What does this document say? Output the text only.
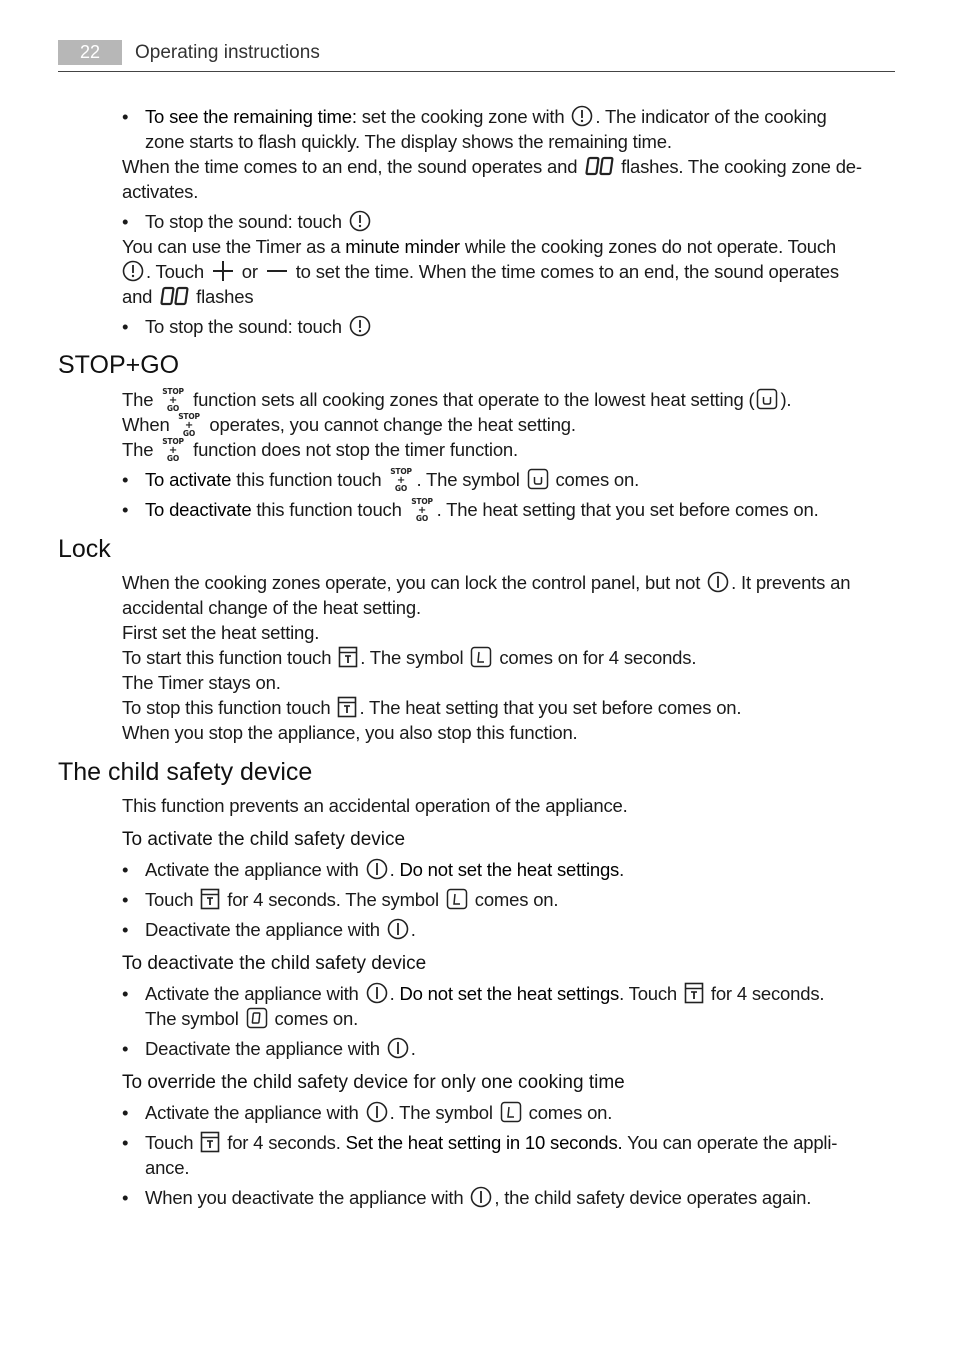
22	Operating instructions
• To see the remaining time: set the cooking zone with
. The indicator of the cooking
zone starts to flash quickly. The display shows the remaining time.
When the time comes to an end, the sound operates and
flashes. The cooking zone de-
activates.
• To stop the sound: touch
You can use the Timer as a minute minder while the cooking zones do not operate. Touch
. Touch
or
to set the time. When the time comes to an end, the sound operates
and
flashes
• To stop the sound: touch
STOP+GO
The STOP
+
GO function sets all cooking zones that operate to the lowest heat setting ( ).
When STOP
+
GO operates, you cannot change the heat setting.
The STOP
+
GO function does not stop the timer function.
• To activate this function touch STOP
+
GO . The symbol
comes on.
• To deactivate this function touch STOP
+
GO . The heat setting that you set before comes on.
Lock
When the cooking zones operate, you can lock the control panel, but not
. It prevents an
accidental change of the heat setting.
First set the heat setting.
To start this function touch
. The symbol
comes on for 4 seconds.
The Timer stays on.
To stop this function touch
. The heat setting that you set before comes on.
When you stop the appliance, you also stop this function.
The child safety device
This function prevents an accidental operation of the appliance.
To activate the child safety device
• Activate the appliance with
. Do not set the heat settings.
• Touch
for 4 seconds. The symbol
comes on.
• Deactivate the appliance with
.
To deactivate the child safety device
• Activate the appliance with
. Do not set the heat settings. Touch
for 4 seconds.
The symbol
comes on.
• Deactivate the appliance with
.
To override the child safety device for only one cooking time
• Activate the appliance with
. The symbol
comes on.
• Touch
for 4 seconds. Set the heat setting in 10 seconds. You can operate the appli-
ance.
• When you deactivate the appliance with
, the child safety device operates again.
